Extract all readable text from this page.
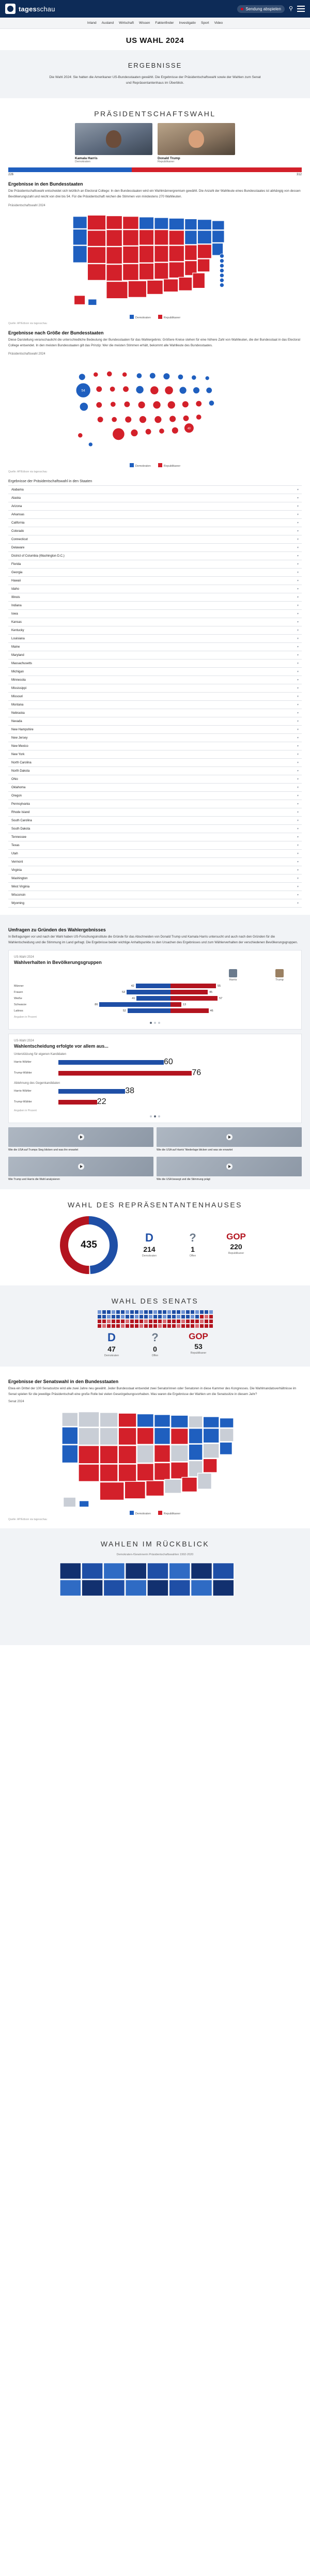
tagesschau	Sendung abspielen ⚲
Inland Ausland Wirtschaft Wissen Faktenfinder Investigativ Sport Video
US WAHL 2024
ERGEBNISSE

Die Wahl 2024: Sie hatten die Amerikaner US-Bundesstaaten gewählt. Die Ergebnisse der Präsidentschaftswahl sowie der Wahlen zum Senat und Repräsentantenhaus im Überblick.

PRÄSIDENTSCHAFTSWAHL
Kamala Harris
Demokraten
Donald Trump
Republikaner
226	312
Ergebnisse in den Bundesstaaten

Die Präsidentschaftswahl entscheidet sich letztlich an Electoral College: In den Bundesstaaten wird ein Wahlmännergremium gewählt. Die Anzahl der Wahlleute eines Bundesstaates ist abhängig von dessen Bevölkerungszahl und reicht von drei bis 54. Für die Präsidentschaft reichen die Stimmen von mindestens 270 Wahlleuten.

Präsidentschaftswahl 2024
Demokraten	Republikaner
Quelle: AP/Edison via tagesschau
Ergebnisse nach Größe der Bundesstaaten

Diese Darstellung veranschaulicht die unterschiedliche Bedeutung der Bundesstaaten für das Wahlergebnis: Größere Kreise stehen für eine höhere Zahl von Wahlleuten, die der Bundesstaat in das Electoral College entsendet. In den meisten Bundesstaaten gilt das Prinzip: Wer die meisten Stimmen erhält, bekommt alle Wahlleute des Bundesstaates.

Präsidentschaftswahl 2024
54
40
Demokraten	Republikaner
Quelle: AP/Edison via tagesschau
Ergebnisse der Präsidentschaftswahl in den Staaten
Alabama	▾
Alaska	▾
Arizona	▾
Arkansas	▾
California	▾
Colorado	▾
Connecticut	▾
Delaware	▾
District of Columbia (Washington D.C.)	▾
Florida	▾
Georgia	▾
Hawaii	▾
Idaho	▾
Illinois	▾
Indiana	▾
Iowa	▾
Kansas	▾
Kentucky	▾
Louisiana	▾
Maine	▾
Maryland	▾
Massachusetts	▾
Michigan	▾
Minnesota	▾
Mississippi	▾
Missouri	▾
Montana	▾
Nebraska	▾
Nevada	▾
New Hampshire	▾
New Jersey	▾
New Mexico	▾
New York	▾
North Carolina	▾
North Dakota	▾
Ohio	▾
Oklahoma	▾
Oregon	▾
Pennsylvania	▾
Rhode Island	▾
South Carolina	▾
South Dakota	▾
Tennessee	▾
Texas	▾
Utah	▾
Vermont	▾
Virginia	▾
Washington	▾
West Virginia	▾
Wisconsin	▾
Wyoming	▾
Umfragen zu Gründen des Wahlergebnisses

In Befragungen vor und nach der Wahl haben US-Forschungsinstitute die Gründe für das Abschneiden von Donald Trump und Kamala Harris untersucht und auch nach den Gründen für die Wahlentscheidung und die Stimmung im Land gefragt. Die Ergebnisse beider wichtige Anhaltspunkte zu den Ursachen des Ergebnisses und zum Wählerverhalten der verschiedenen Bevölkerungsgruppen.

US-Wahl 2024
Wahlverhalten in Bevölkerungsgruppen
Harris	Trump
Männer	42	55
Frauen	53	45
Weiße	41	57
Schwarze	86	13
Latinos	52	46
Angaben in Prozent
US-Wahl 2024
Wahlentscheidung erfolgte vor allem aus...
Unterstützung für eigenen Kandidaten
Harris-Wähler	60
Trump-Wähler	76
Ablehnung des Gegenkandidaten
Harris-Wähler	38
Trump-Wähler	22
Angaben in Prozent
Wie die USA auf Trumps Sieg blicken und was ihn erwartet	Wie die USA auf Harris' Niederlage blicken und was sie erwartet
Wie Trump und Harris die Wahl analysieren	Wie die USA bewegt und die Stimmung prägt
WAHL DES REPRÄSENTANTENHAUSES
435
D
214
Demokraten
?
1
Offen
GOP
220
Republikaner
WAHL DES SENATS
D
47
Demokraten
?
0
Offen
GOP
53
Republikaner
Ergebnisse der Senatswahl in den Bundesstaaten

Etwa ein Drittel der 100 Senatssitze wird alle zwei Jahre neu gewählt. Jeder Bundesstaat entsendet zwei Senatorinnen oder Senatoren in diese Kammer des Kongresses. Die Wahlmandatsverhältnisse im Senat spielen für die jeweilige Präsidentschaft eine große Rolle bei vielen Gesetzgebungsvorhaben. Was waren die Ergebnisse der Wahlen um die Senatssitze in diesem Jahr?

Senat 2024
Demokraten	Republikaner
Quelle: AP/Edison via tagesschau
WAHLEN IM RÜCKBLICK
Demokraten-/Gewinnerin Präsidentschaftswahlen 1992-2020
